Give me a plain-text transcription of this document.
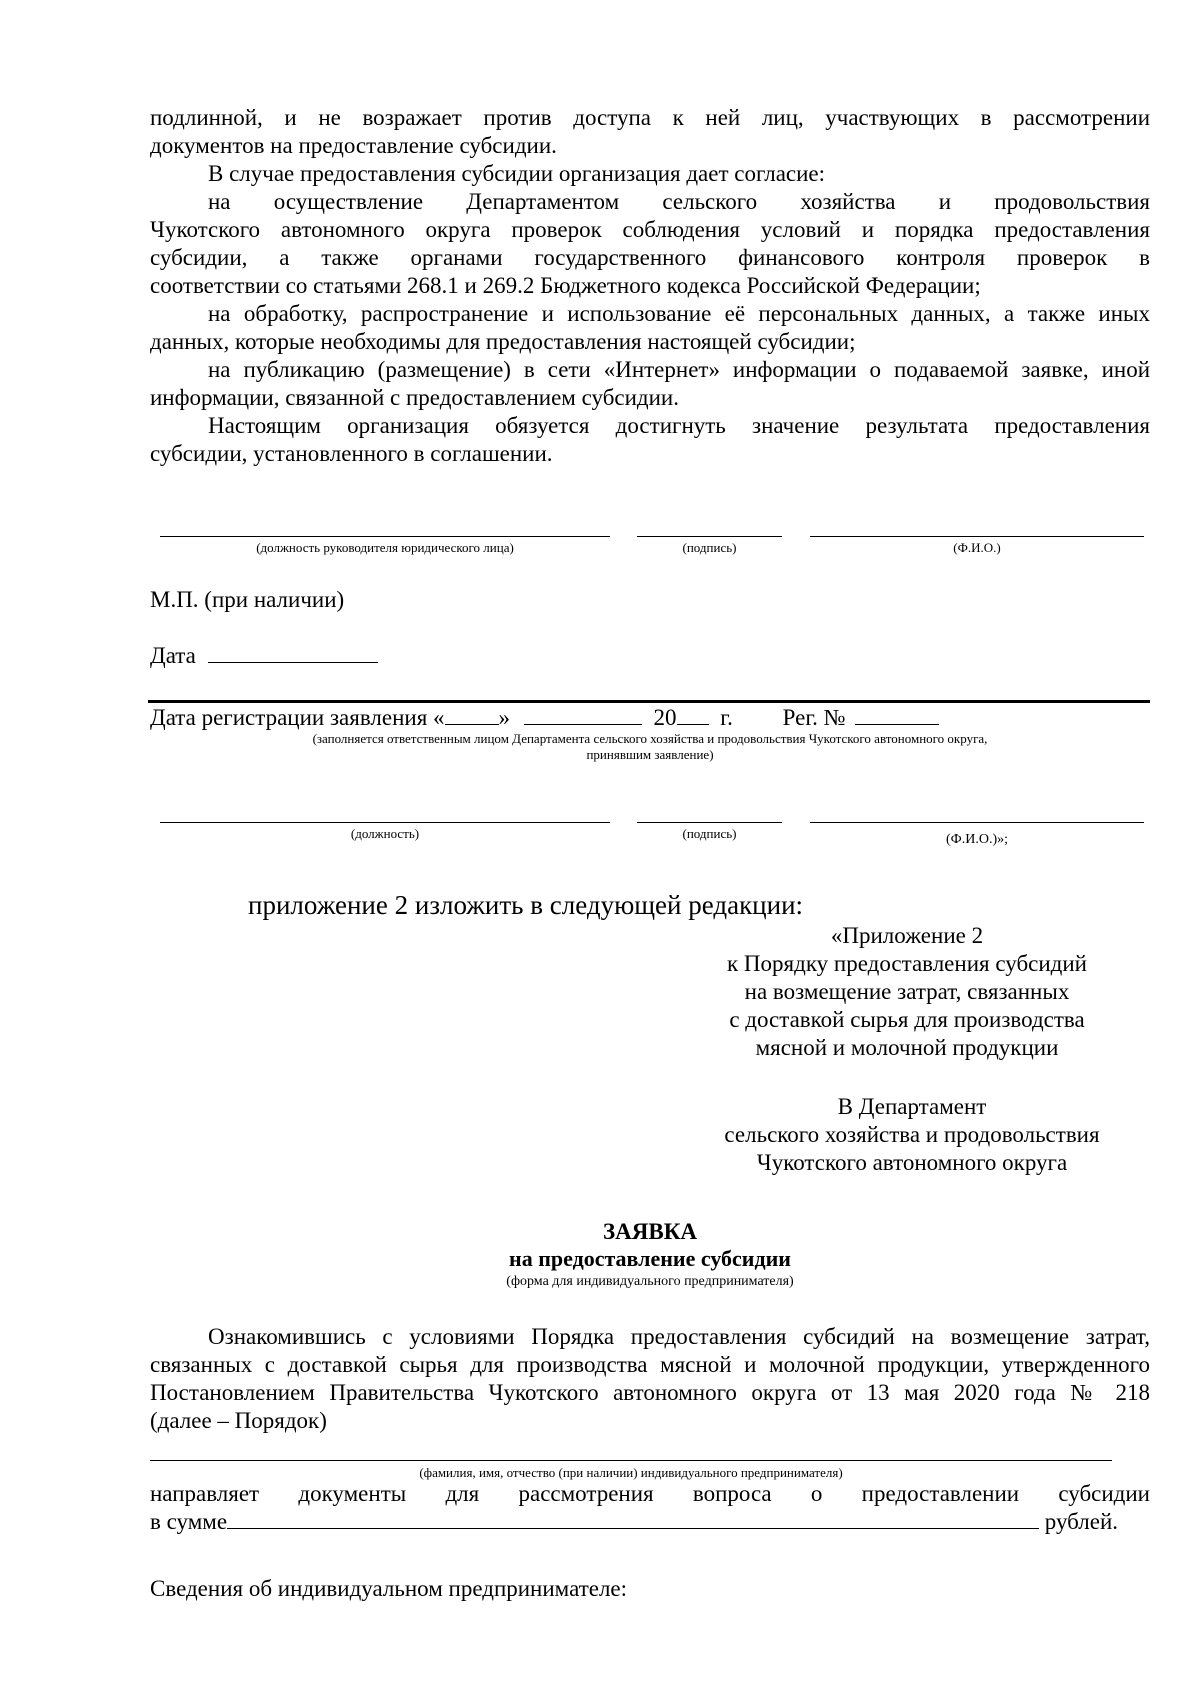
подлинной, и не возражает против доступа к ней лиц, участвующих в рассмотрении
документов на предоставление субсидии.
В случае предоставления субсидии организация дает согласие:
на осуществление Департаментом сельского хозяйства и продовольствия
Чукотского автономного округа проверок соблюдения условий и порядка предоставления
субсидии, а также органами государственного финансового контроля проверок в
соответствии со статьями 268.1 и 269.2 Бюджетного кодекса Российской Федерации;
на обработку, распространение и использование её персональных данных, а также иных
данных, которые необходимы для предоставления настоящей субсидии;
на публикацию (размещение) в сети «Интернет» информации о подаваемой заявке, иной
информации, связанной с предоставлением субсидии.
Настоящим организация обязуется достигнуть значение результата предоставления
субсидии, установленного в соглашении.
(должность руководителя юридического лица)	(подпись)	(Ф.И.О.)
М.П. (при наличии)
Дата
Дата регистрации заявления « »	20 г. Рег. №
(заполняется ответственным лицом Департамента сельского хозяйства и продовольствия Чукотского автономного округа,
принявшим заявление)
(должность)	(подпись)	(Ф.И.О.)»;
приложение 2 изложить в следующей редакции:
«Приложение 2
к Порядку предоставления субсидий
на возмещение затрат, связанных
с доставкой сырья для производства
мясной и молочной продукции
В Департамент
сельского хозяйства и продовольствия
Чукотского автономного округа
ЗАЯВКА
на предоставление субсидии
(форма для индивидуального предпринимателя)
Ознакомившись с условиями Порядка предоставления субсидий на возмещение затрат,
связанных с доставкой сырья для производства мясной и молочной продукции, утвержденного
Постановлением Правительства Чукотского автономного округа от 13 мая 2020 года № 218
(далее – Порядок)
(фамилия, имя, отчество (при наличии) индивидуального предпринимателя)
направляет документы для рассмотрения вопроса о предоставлении субсидии
в сумме	рублей.
Сведения об индивидуальном предпринимателе:
